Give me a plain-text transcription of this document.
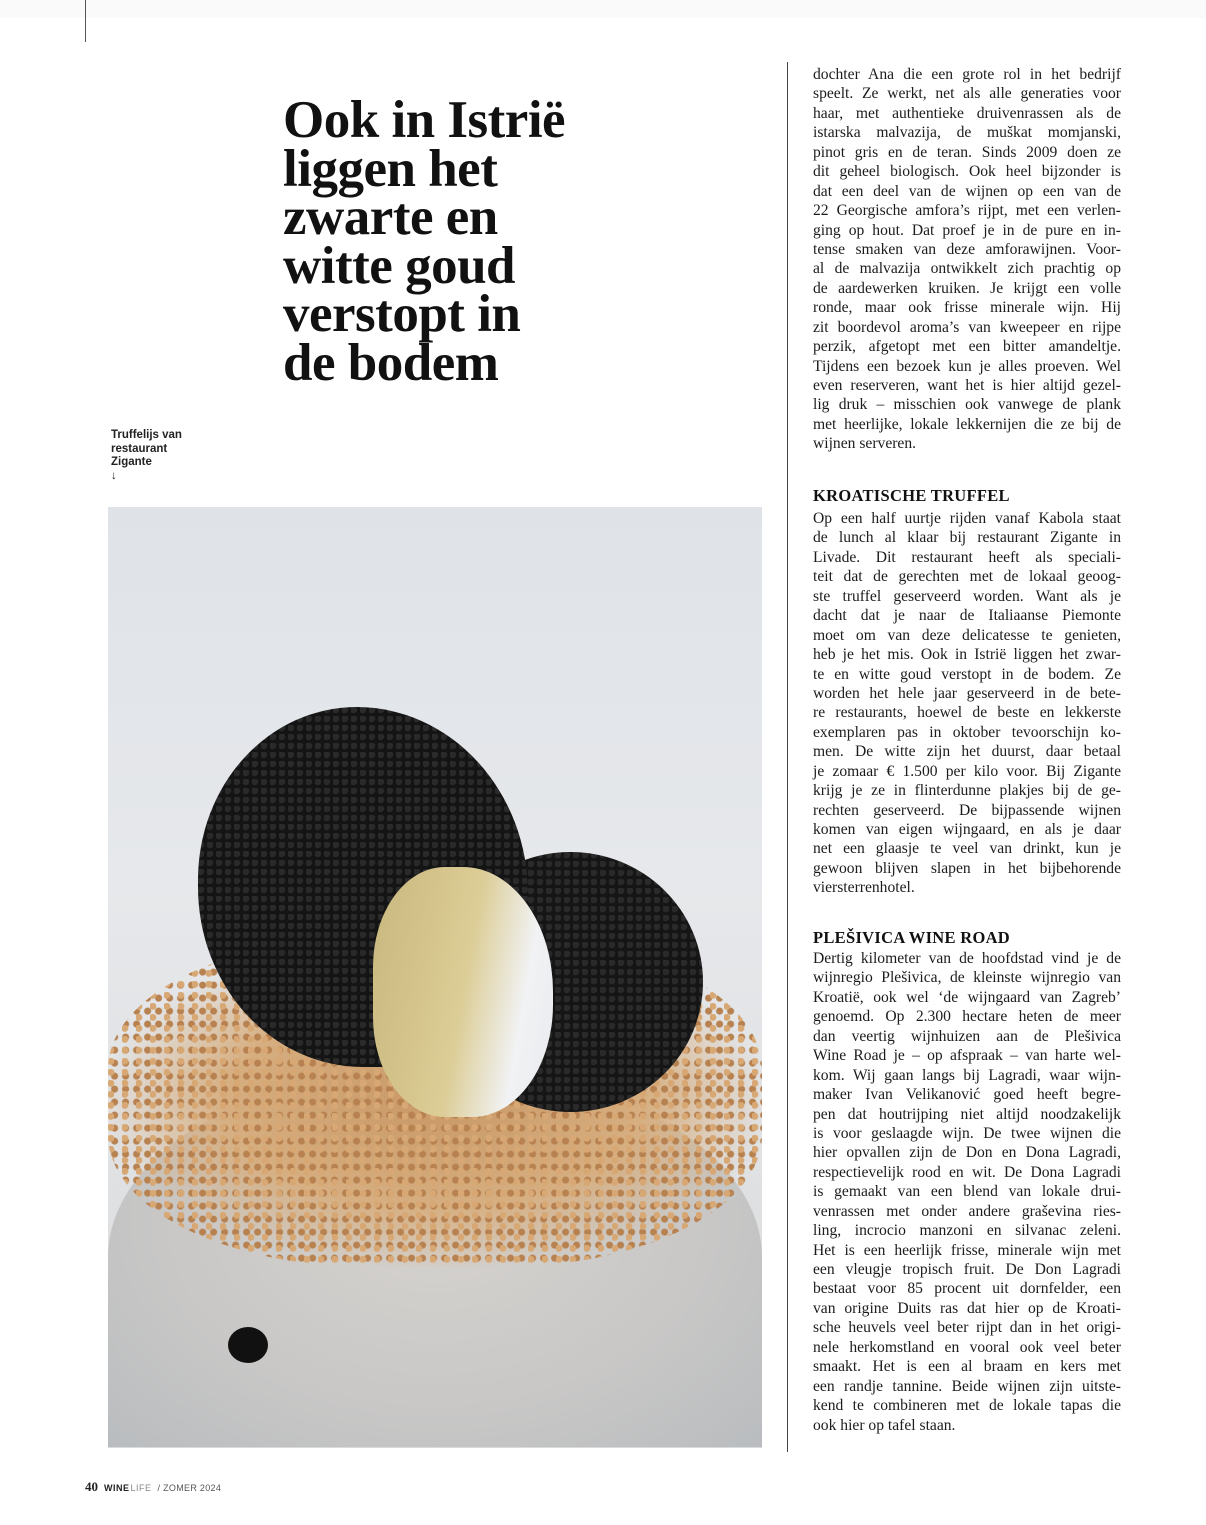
Ook in Istrië
liggen het
zwarte en
witte goud
verstopt in
de bodem
Truffelijs van
restaurant
Zigante
↓
dochter Ana die een grote rol in het bedrijf
speelt. Ze werkt, net als alle generaties voor
haar, met authentieke druivenrassen als de
istarska malvazija, de muškat momjanski,
pinot gris en de teran. Sinds 2009 doen ze
dit geheel biologisch. Ook heel bijzonder is
dat een deel van de wijnen op een van de
22 Georgische amfora’s rijpt, met een verlen-
ging op hout. Dat proef je in de pure en in-
tense smaken van deze amforawijnen. Voor-
al de malvazija ontwikkelt zich prachtig op
de aardewerken kruiken. Je krijgt een volle
ronde, maar ook frisse minerale wijn. Hij
zit boordevol aroma’s van kweepeer en rijpe
perzik, afgetopt met een bitter amandeltje.
Tijdens een bezoek kun je alles proeven. Wel
even reserveren, want het is hier altijd gezel-
lig druk – misschien ook vanwege de plank
met heerlijke, lokale lekkernijen die ze bij de
wijnen serveren.
KROATISCHE TRUFFEL
Op een half uurtje rijden vanaf Kabola staat
de lunch al klaar bij restaurant Zigante in
Livade. Dit restaurant heeft als speciali-
teit dat de gerechten met de lokaal geoog-
ste truffel geserveerd worden. Want als je
dacht dat je naar de Italiaanse Piemonte
moet om van deze delicatesse te genieten,
heb je het mis. Ook in Istrië liggen het zwar-
te en witte goud verstopt in de bodem. Ze
worden het hele jaar geserveerd in de bete-
re restaurants, hoewel de beste en lekkerste
exemplaren pas in oktober tevoorschijn ko-
men. De witte zijn het duurst, daar betaal
je zomaar € 1.500 per kilo voor. Bij Zigante
krijg je ze in flinterdunne plakjes bij de ge-
rechten geserveerd. De bijpassende wijnen
komen van eigen wijngaard, en als je daar
net een glaasje te veel van drinkt, kun je
gewoon blijven slapen in het bijbehorende
viersterrenhotel.
PLEŠIVICA WINE ROAD
Dertig kilometer van de hoofdstad vind je de
wijnregio Plešivica, de kleinste wijnregio van
Kroatië, ook wel ‘de wijngaard van Zagreb’
genoemd. Op 2.300 hectare heten de meer
dan veertig wijnhuizen aan de Plešivica
Wine Road je – op afspraak – van harte wel-
kom. Wij gaan langs bij Lagradi, waar wijn-
maker Ivan Velikanović goed heeft begre-
pen dat houtrijping niet altijd noodzakelijk
is voor geslaagde wijn. De twee wijnen die
hier opvallen zijn de Don en Dona Lagradi,
respectievelijk rood en wit. De Dona Lagradi
is gemaakt van een blend van lokale drui-
venrassen met onder andere graševina ries-
ling, incrocio manzoni en silvanac zeleni.
Het is een heerlijk frisse, minerale wijn met
een vleugje tropisch fruit. De Don Lagradi
bestaat voor 85 procent uit dornfelder, een
van origine Duits ras dat hier op de Kroati-
sche heuvels veel beter rijpt dan in het origi-
nele herkomstland en vooral ook veel beter
smaakt. Het is een al braam en kers met
een randje tannine. Beide wijnen zijn uitste-
kend te combineren met de lokale tapas die
ook hier op tafel staan.
40 WINE LIFE / ZOMER 2024
